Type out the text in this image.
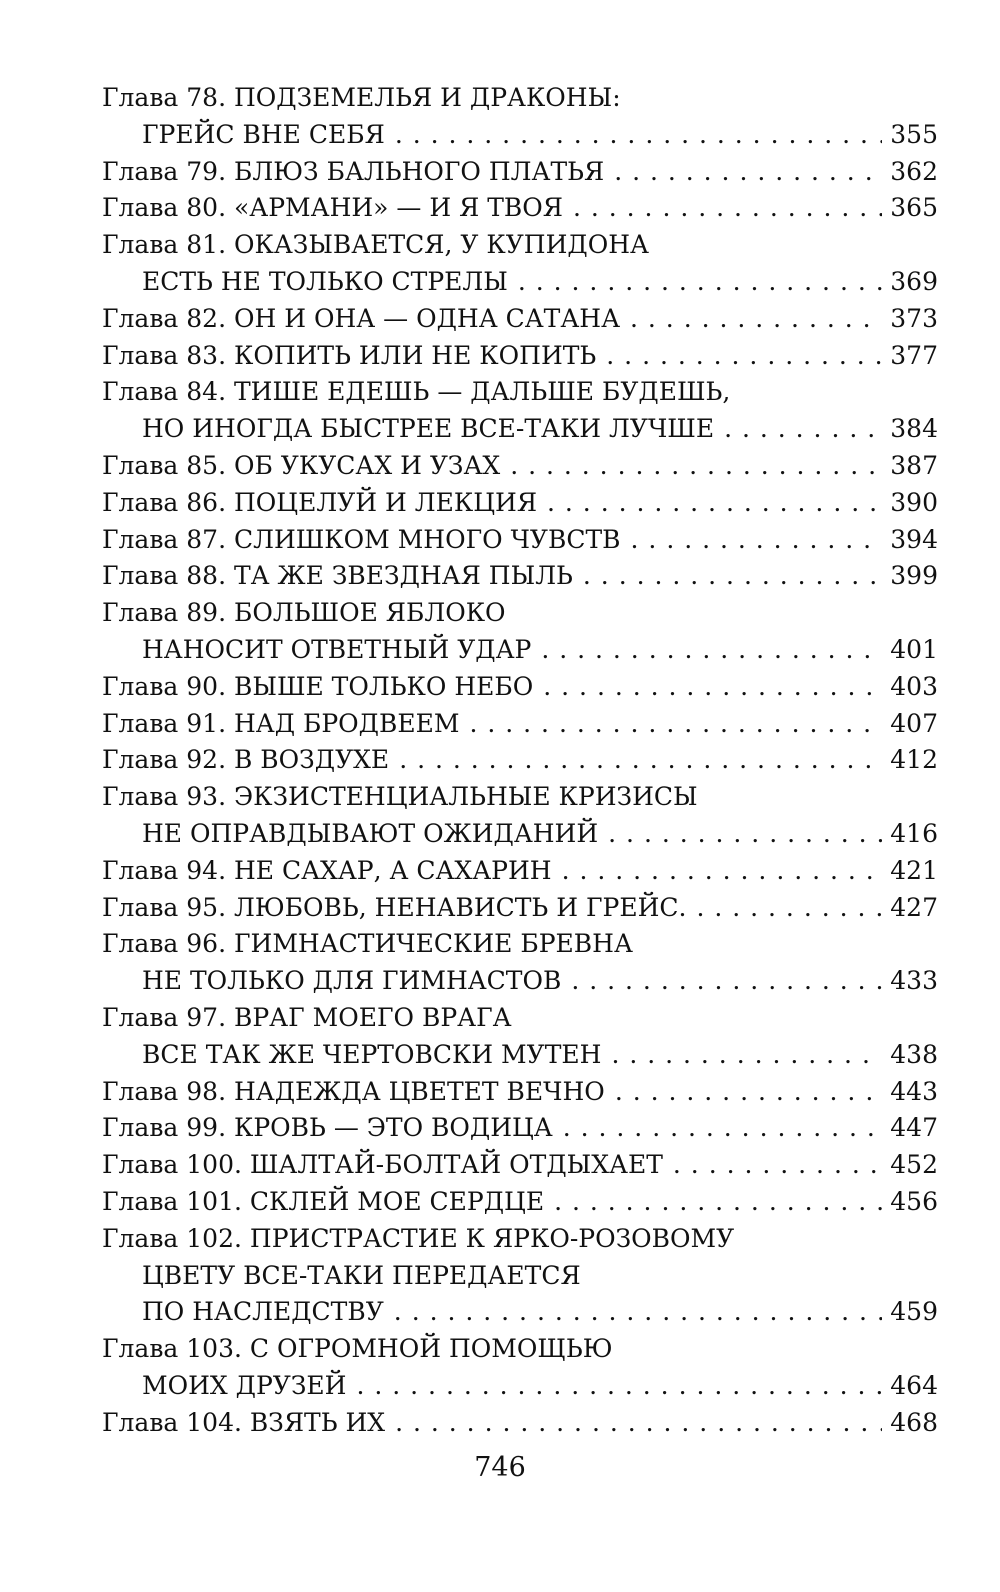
Глава 78. ПОДЗЕМЕЛЬЯ И ДРАКОНЫ:
ГРЕЙС ВНЕ СЕБЯ . . .	355
Глава 79. БЛЮЗ БАЛЬНОГО ПЛАТЬЯ . . .	362
Глава 80. «АРМАНИ» — И Я ТВОЯ . . .	365
Глава 81. ОКАЗЫВАЕТСЯ, У КУПИДОНА
ЕСТЬ НЕ ТОЛЬКО СТРЕЛЫ . . .	369
Глава 82. ОН И ОНА — ОДНА САТАНА . . .	373
Глава 83. КОПИТЬ ИЛИ НЕ КОПИТЬ . . .	377
Глава 84. ТИШЕ ЕДЕШЬ — ДАЛЬШЕ БУДЕШЬ,
НО ИНОГДА БЫСТРЕЕ ВСЕ-ТАКИ ЛУЧШЕ . . .	384
Глава 85. ОБ УКУСАХ И УЗАХ . . .	387
Глава 86. ПОЦЕЛУЙ И ЛЕКЦИЯ . . .	390
Глава 87. СЛИШКОМ МНОГО ЧУВСТВ . . .	394
Глава 88. ТА ЖЕ ЗВЕЗДНАЯ ПЫЛЬ . . .	399
Глава 89. БОЛЬШОЕ ЯБЛОКО
НАНОСИТ ОТВЕТНЫЙ УДАР . . .	401
Глава 90. ВЫШЕ ТОЛЬКО НЕБО . . .	403
Глава 91. НАД БРОДВЕЕМ . . .	407
Глава 92. В ВОЗДУХЕ . . .	412
Глава 93. ЭКЗИСТЕНЦИАЛЬНЫЕ КРИЗИСЫ
НЕ ОПРАВДЫВАЮТ ОЖИДАНИЙ . . .	416
Глава 94. НЕ САХАР, А САХАРИН . . .	421
Глава 95. ЛЮБОВЬ, НЕНАВИСТЬ И ГРЕЙС. . . .	427
Глава 96. ГИМНАСТИЧЕСКИЕ БРЕВНА
НЕ ТОЛЬКО ДЛЯ ГИМНАСТОВ . . .	433
Глава 97. ВРАГ МОЕГО ВРАГА
ВСЕ ТАК ЖЕ ЧЕРТОВСКИ МУТЕН . . .	438
Глава 98. НАДЕЖДА ЦВЕТЕТ ВЕЧНО . . .	443
Глава 99. КРОВЬ — ЭТО ВОДИЦА . . .	447
Глава 100. ШАЛТАЙ-БОЛТАЙ ОТДЫХАЕТ . . .	452
Глава 101. СКЛЕЙ МОЕ СЕРДЦЕ . . .	456
Глава 102. ПРИСТРАСТИЕ К ЯРКО-РОЗОВОМУ
ЦВЕТУ ВСЕ-ТАКИ ПЕРЕДАЕТСЯ
ПО НАСЛЕДСТВУ . . .	459
Глава 103. С ОГРОМНОЙ ПОМОЩЬЮ
МОИХ ДРУЗЕЙ . . .	464
Глава 104. ВЗЯТЬ ИХ . . .	468
746
